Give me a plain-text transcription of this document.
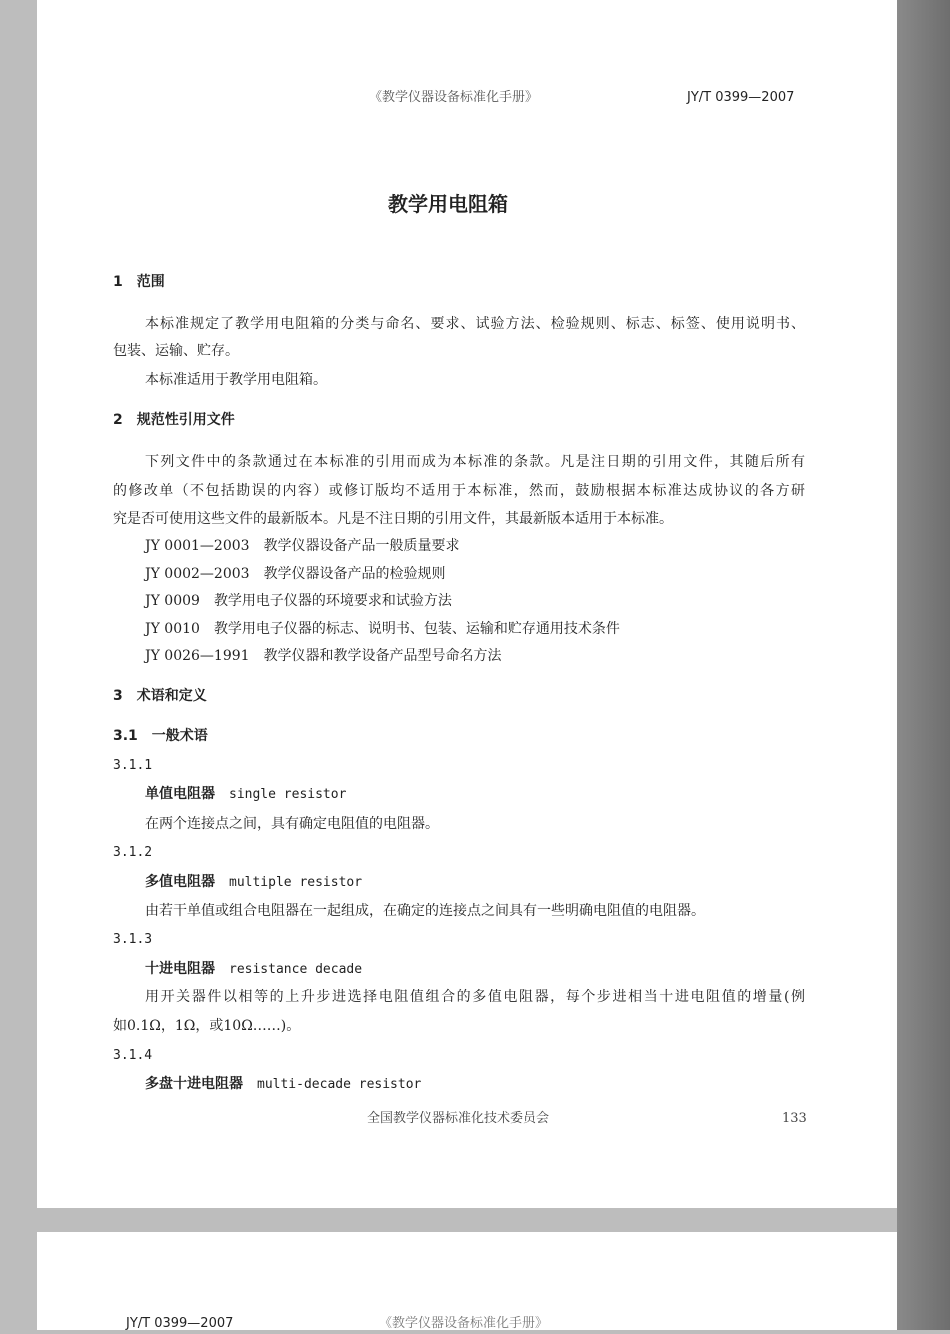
《教学仪器设备标准化手册》	JY/T 0399—2007
教学用电阻箱
1　范围
本标准规定了教学用电阻箱的分类与命名、要求、试验方法、检验规则、标志、标签、使用说明书、
包装、运输、贮存。
本标准适用于教学用电阻箱。
2　规范性引用文件
下列文件中的条款通过在本标准的引用而成为本标准的条款。凡是注日期的引用文件，其随后所有
的修改单（不包括勘误的内容）或修订版均不适用于本标准，然而，鼓励根据本标准达成协议的各方研
究是否可使用这些文件的最新版本。凡是不注日期的引用文件，其最新版本适用于本标准。
JY 0001—2003　 教学仪器设备产品一般质量要求
JY 0002—2003　 教学仪器设备产品的检验规则
JY 0009　 教学用电子仪器的环境要求和试验方法
JY 0010　 教学用电子仪器的标志、说明书、包装、运输和贮存通用技术条件
JY 0026—1991　 教学仪器和教学设备产品型号命名方法
3　术语和定义
3.1　一般术语
3.1.1
单值电阻器　 single resistor
在两个连接点之间，具有确定电阻值的电阻器。
3.1.2
多值电阻器　 multiple resistor
由若干单值或组合电阻器在一起组成，在确定的连接点之间具有一些明确电阻值的电阻器。
3.1.3
十进电阻器　 resistance decade
用开关器件以相等的上升步进选择电阻值组合的多值电阻器，每个步进相当十进电阻值的增量(例
如0.1Ω，1Ω，或10Ω……)。
3.1.4
多盘十进电阻器　 multi-decade resistor
全国教学仪器标准化技术委员会	133
JY/T 0399—2007	《教学仪器设备标准化手册》
